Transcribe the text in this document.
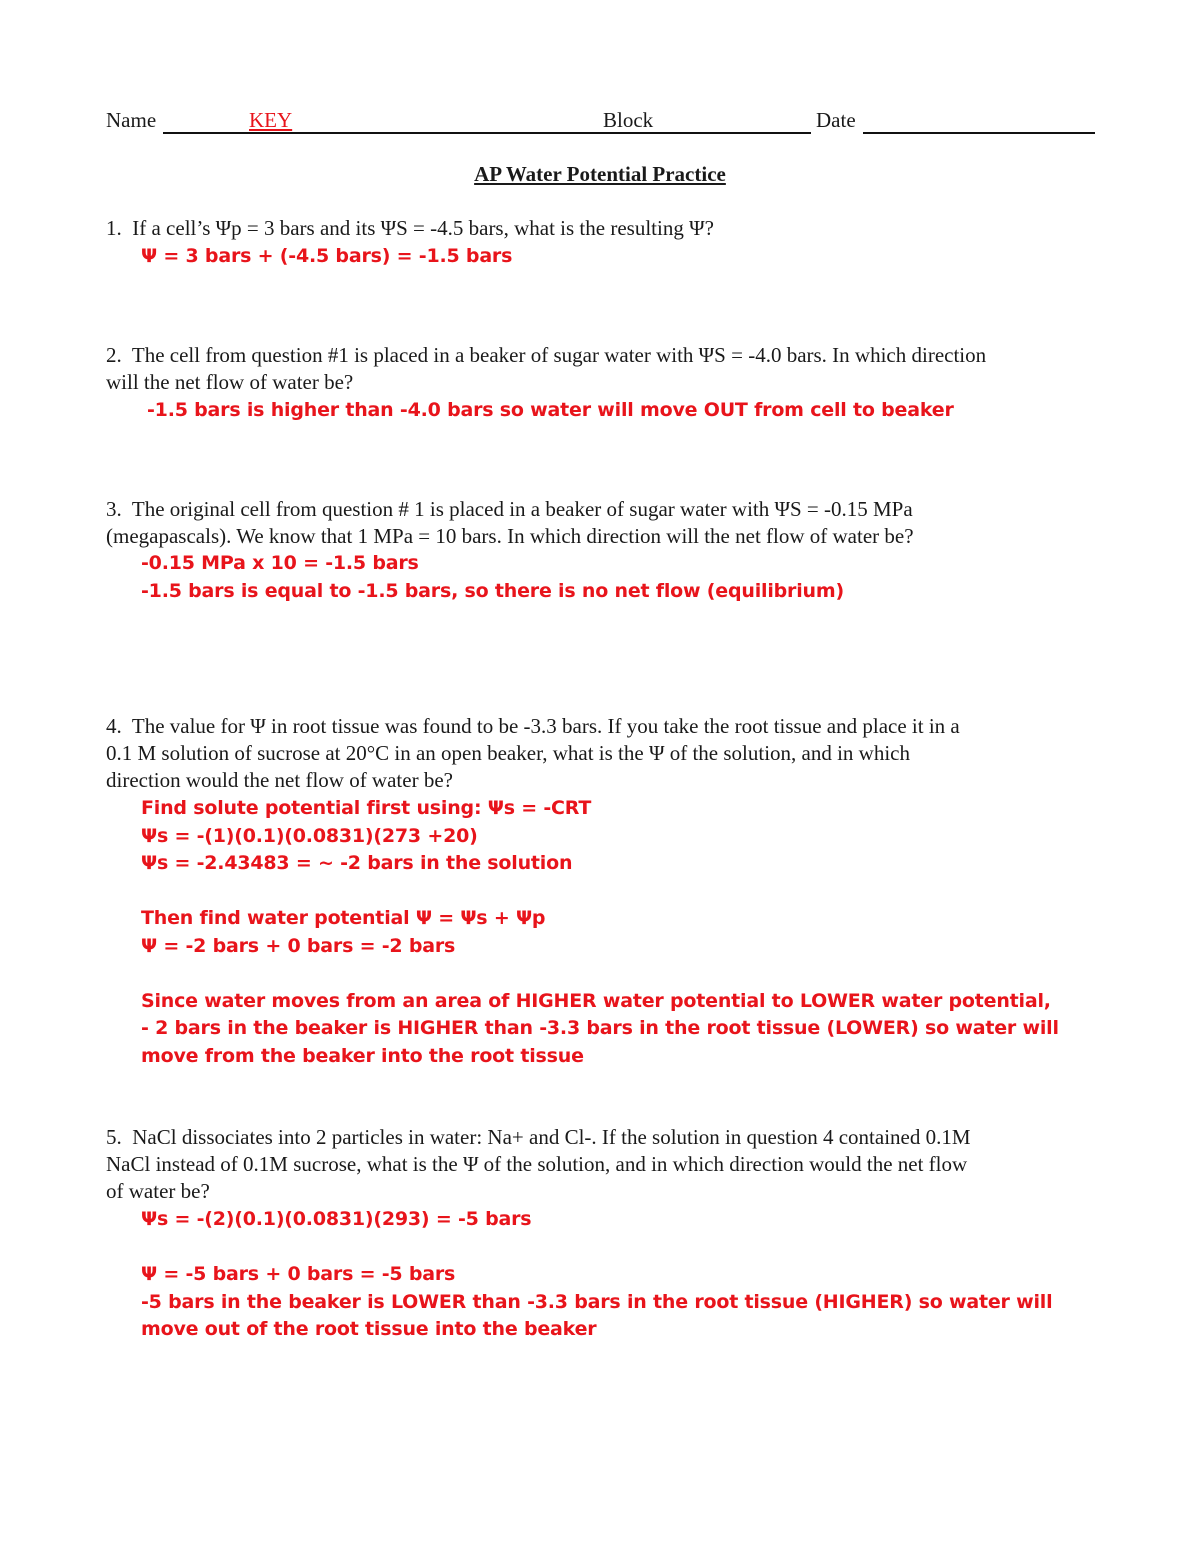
Name	KEY	Block	Date
AP Water Potential Practice
1. If a cell’s Ψp = 3 bars and its ΨS = -4.5 bars, what is the resulting Ψ?
Ψ = 3 bars + (-4.5 bars) = -1.5 bars
2. The cell from question #1 is placed in a beaker of sugar water with ΨS = -4.0 bars. In which direction
will the net flow of water be?
-1.5 bars is higher than -4.0 bars so water will move OUT from cell to beaker
3. The original cell from question # 1 is placed in a beaker of sugar water with ΨS = -0.15 MPa
(megapascals). We know that 1 MPa = 10 bars. In which direction will the net flow of water be?
-0.15 MPa x 10 = -1.5 bars
-1.5 bars is equal to -1.5 bars, so there is no net flow (equilibrium)
4. The value for Ψ in root tissue was found to be -3.3 bars. If you take the root tissue and place it in a
0.1 M solution of sucrose at 20°C in an open beaker, what is the Ψ of the solution, and in which
direction would the net flow of water be?
Find solute potential first using: Ψs = -CRT
Ψs = -(1)(0.1)(0.0831)(273 +20)
Ψs = -2.43483 = ~ -2 bars in the solution
Then find water potential Ψ = Ψs + Ψp
Ψ = -2 bars + 0 bars = -2 bars
Since water moves from an area of HIGHER water potential to LOWER water potential,
- 2 bars in the beaker is HIGHER than -3.3 bars in the root tissue (LOWER) so water will
move from the beaker into the root tissue
5. NaCl dissociates into 2 particles in water: Na+ and Cl-. If the solution in question 4 contained 0.1M
NaCl instead of 0.1M sucrose, what is the Ψ of the solution, and in which direction would the net flow
of water be?
Ψs = -(2)(0.1)(0.0831)(293) = -5 bars
Ψ = -5 bars + 0 bars = -5 bars
-5 bars in the beaker is LOWER than -3.3 bars in the root tissue (HIGHER) so water will
move out of the root tissue into the beaker
